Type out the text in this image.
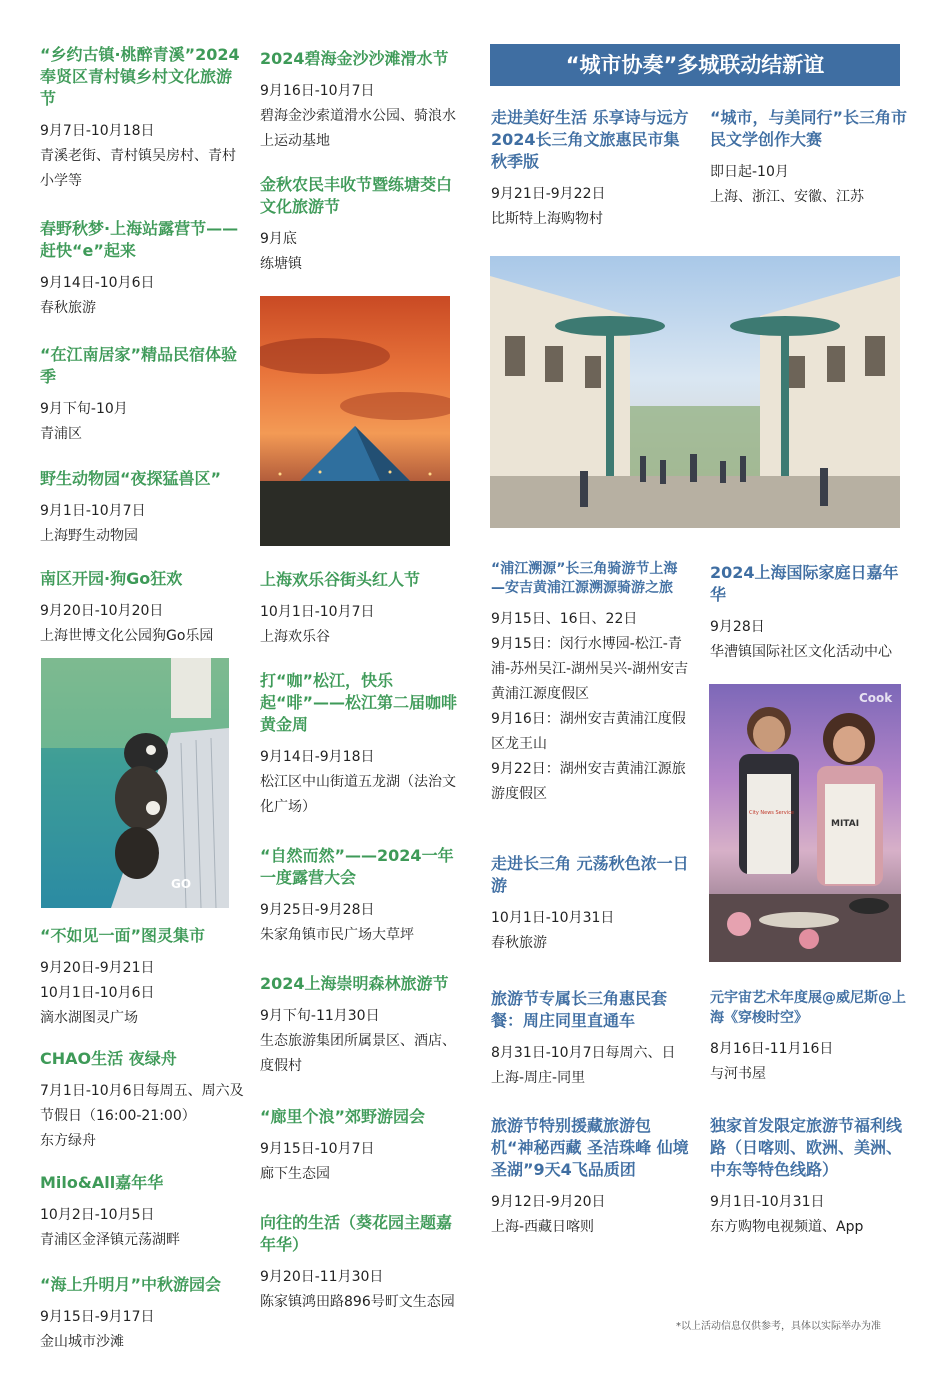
“乡约古镇·桃醉青溪”2024奉贤区青村镇乡村文化旅游节
9月7日-10月18日
青溪老街、青村镇吴房村、青村小学等
春野秋梦·上海站露营节——赶快“e”起来
9月14日-10月6日
春秋旅游
“在江南居家”精品民宿体验季
9月下旬-10月
青浦区
野生动物园“夜探猛兽区”
9月1日-10月7日
上海野生动物园
南区开园·狗Go狂欢
9月20日-10月20日
上海世博文化公园狗Go乐园
GO
“不如见一面”图灵集市
9月20日-9月21日
10月1日-10月6日
滴水湖图灵广场
CHAO生活 夜绿舟
7月1日-10月6日每周五、周六及节假日（16:00-21:00）
东方绿舟
Milo&All嘉年华
10月2日-10月5日
青浦区金泽镇元荡湖畔
“海上升明月”中秋游园会
9月15日-9月17日
金山城市沙滩
2024碧海金沙沙滩滑水节
9月16日-10月7日
碧海金沙索道滑水公园、骑浪水上运动基地
金秋农民丰收节暨练塘茭白文化旅游节
9月底
练塘镇
上海欢乐谷街头红人节
10月1日-10月7日
上海欢乐谷
打“咖”松江，快乐起“啡”——松江第二届咖啡黄金周
9月14日-9月18日
松江区中山街道五龙湖（法治文化广场）
“自然而然”——2024一年一度露营大会
9月25日-9月28日
朱家角镇市民广场大草坪
2024上海崇明森林旅游节
9月下旬-11月30日
生态旅游集团所属景区、酒店、度假村
“廊里个浪”郊野游园会
9月15日-10月7日
廊下生态园
向往的生活（葵花园主题嘉年华）
9月20日-11月30日
陈家镇鸿田路896号町文生态园
“城市协奏”多城联动结新谊
走进美好生活 乐享诗与远方2024长三角文旅惠民市集秋季版
9月21日-9月22日
比斯特上海购物村
“浦江溯源”长三角骑游节上海—安吉黄浦江源溯源骑游之旅
9月15日、16日、22日
9月15日：闵行水博园-松江-青浦-苏州吴江-湖州吴兴-湖州安吉黄浦江源度假区
9月16日：湖州安吉黄浦江度假区龙王山
9月22日：湖州安吉黄浦江源旅游度假区
走进长三角 元荡秋色浓一日游
10月1日-10月31日
春秋旅游
旅游节专属长三角惠民套餐：周庄同里直通车
8月31日-10月7日每周六、日
上海-周庄-同里
旅游节特别援藏旅游包机“神秘西藏 圣洁珠峰 仙境圣湖”9天4飞品质团
9月12日-9月20日
上海-西藏日喀则
“城市，与美同行”长三角市民文学创作大赛
即日起-10月
上海、浙江、安徽、江苏
2024上海国际家庭日嘉年华
9月28日
华漕镇国际社区文化活动中心
元宇宙艺术年度展@威尼斯@上海《穿梭时空》
8月16日-11月16日
与河书屋
独家首发限定旅游节福利线路（日喀则、欧洲、美洲、中东等特色线路）
9月1日-10月31日
东方购物电视频道、App
Cook
City News Service
MITAI
*以上活动信息仅供参考，具体以实际举办为准
